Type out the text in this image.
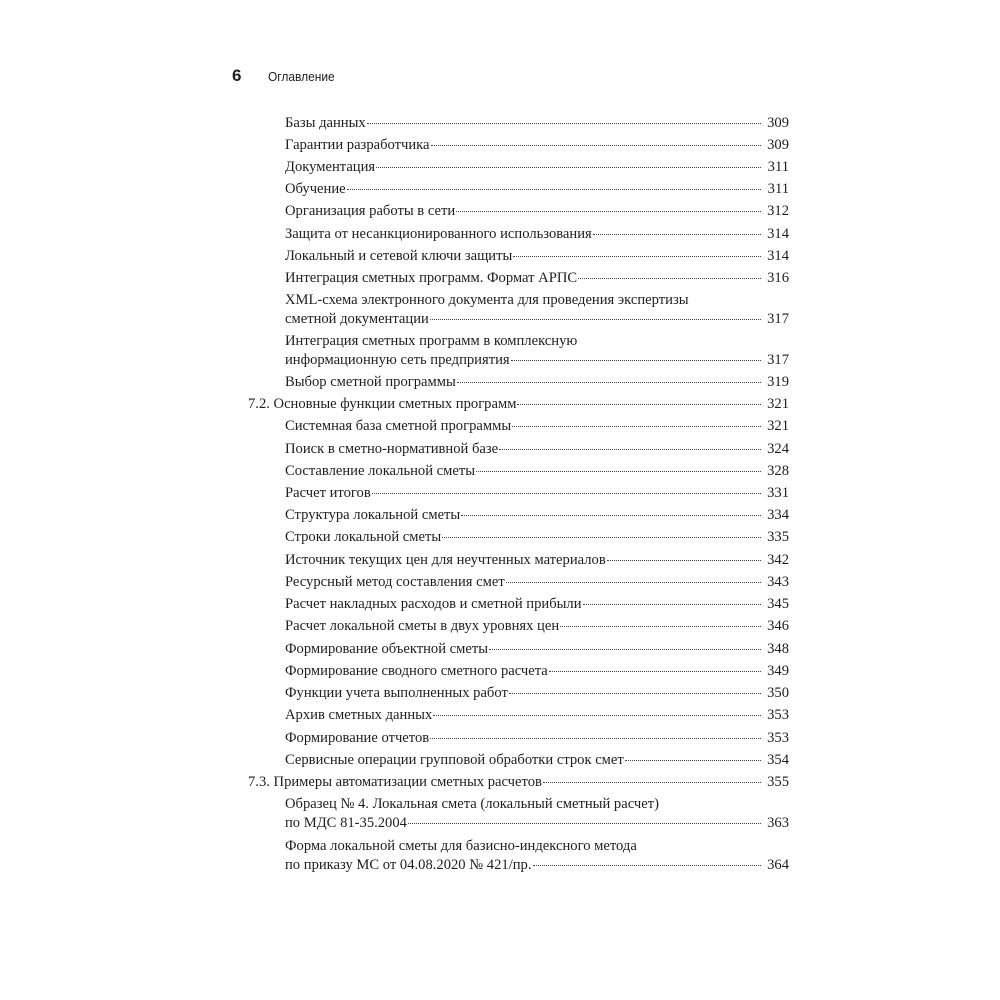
6	Оглавление
Базы данных	309
Гарантии разработчика	309
Документация	311
Обучение	311
Организация работы в сети	312
Защита от несанкционированного использования	314
Локальный и сетевой ключи защиты	314
Интеграция сметных программ. Формат АРПС	316
XML-схема электронного документа для проведения экспертизы
сметной документации	317
Интеграция сметных программ в комплексную
информационную сеть предприятия	317
Выбор сметной программы	319
7.2. Основные функции сметных программ	321
Системная база сметной программы	321
Поиск в сметно-нормативной базе	324
Составление локальной сметы	328
Расчет итогов	331
Структура локальной сметы	334
Строки локальной сметы	335
Источник текущих цен для неучтенных материалов	342
Ресурсный метод составления смет	343
Расчет накладных расходов и сметной прибыли	345
Расчет локальной сметы в двух уровнях цен	346
Формирование объектной сметы	348
Формирование сводного сметного расчета	349
Функции учета выполненных работ	350
Архив сметных данных	353
Формирование отчетов	353
Сервисные операции групповой обработки строк смет	354
7.3. Примеры автоматизации сметных расчетов	355
Образец № 4. Локальная смета (локальный сметный расчет)
по МДС 81-35.2004	363
Форма локальной сметы для базисно-индексного метода
по приказу МС от 04.08.2020 № 421/пр.	364
